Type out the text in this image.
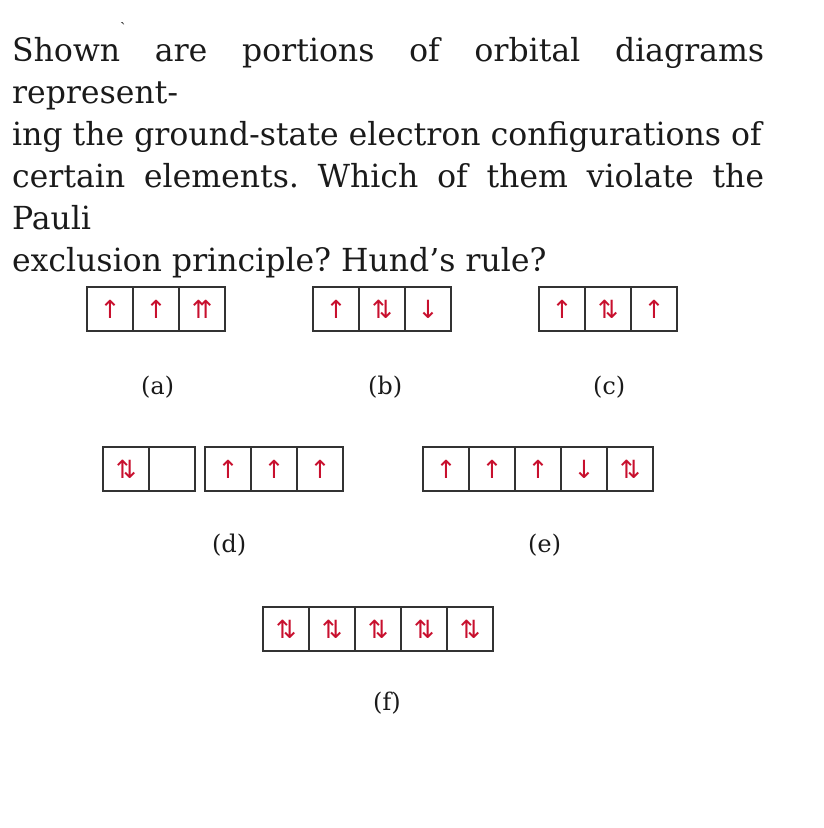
ˎ
Shown are portions of orbital diagrams represent-
ing the ground-state electron configurations of
certain elements. Which of them violate the Pauli
exclusion principle? Hund’s rule?
↑	↑	⇈
(a)
↑	⇅	↓
(b)
↑	⇅	↑
(c)
⇅	↑	↑	↑
(d)
↑	↑	↑	↓	⇅
(e)
⇅	⇅	⇅	⇅	⇅
(f)
